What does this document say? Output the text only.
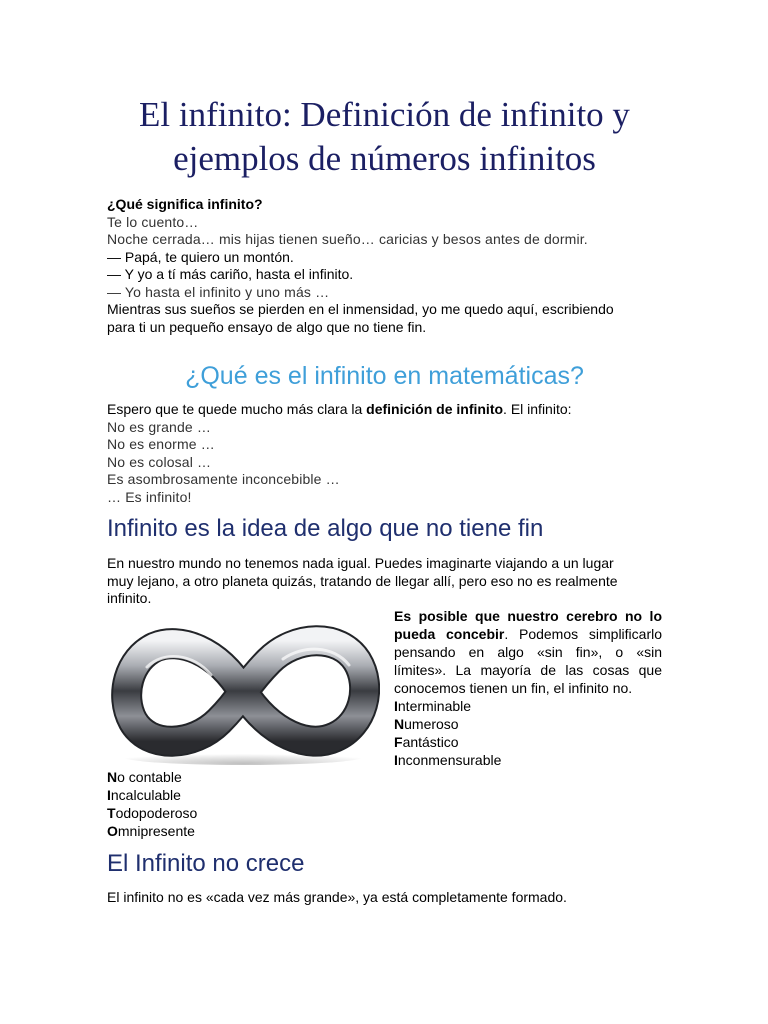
El infinito: Definición de infinito y
ejemplos de números infinitos
¿Qué significa infinito?
Te lo cuento…
Noche cerrada… mis hijas tienen sueño… caricias y besos antes de dormir.
— Papá, te quiero un montón.
— Y yo a tí más cariño, hasta el infinito.
— Yo hasta el infinito y uno más …
Mientras sus sueños se pierden en el inmensidad, yo me quedo aquí, escribiendo
para ti un pequeño ensayo de algo que no tiene fin.
¿Qué es el infinito en matemáticas?
Espero que te quede mucho más clara la definición de infinito. El infinito:
No es grande …
No es enorme …
No es colosal …
Es asombrosamente inconcebible …
… Es infinito!
Infinito es la idea de algo que no tiene fin
En nuestro mundo no tenemos nada igual. Puedes imaginarte viajando a un lugar
muy lejano, a otro planeta quizás, tratando de llegar allí, pero eso no es realmente
infinito.
Es posible que nuestro cerebro no lo
pueda concebir. Podemos simplificarlo
pensando en algo «sin fin», o «sin
límites». La mayoría de las cosas que
conocemos tienen un fin, el infinito no.
Interminable
Numeroso
Fantástico
Inconmensurable
No contable
Incalculable
Todopoderoso
Omnipresente
El Infinito no crece

El infinito no es «cada vez más grande», ya está completamente formado.
